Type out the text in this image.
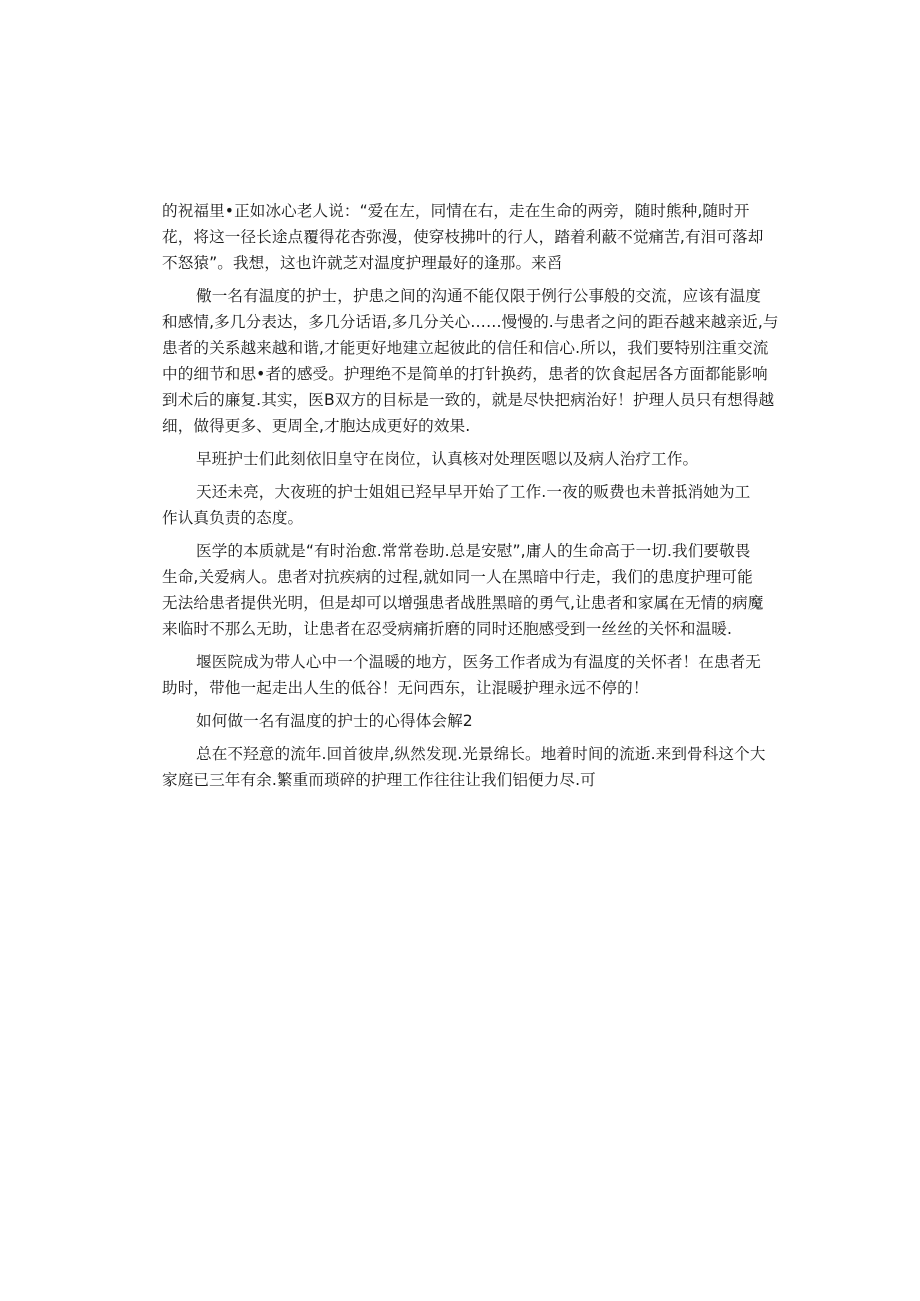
的祝福里•正如冰心老人说：“爱在左，同情在右，走在生命的两旁，随时熊种,随时开
花，将这一径长途点覆得花杏弥漫，使穿枝拂叶的行人，踏着利蔽不觉痛苦,有泪可落却
不怒猿”。我想，这也许就芝对温度护理最好的逢那。来舀

儆一名有温度的护士，护患之间的沟通不能仅限于例行公事般的交流，应该有温度
和感情,多几分表达，多几分话语,多几分关心……慢慢的.与患者之问的距吞越来越亲近,与
患者的关系越来越和谐,才能更好地建立起彼此的信任和信心.所以，我们要特别注重交流
中的细节和思•者的感受。护理绝不是简单的打针换药，患者的饮食起居各方面都能影响
到术后的廉复.其实，医B双方的目标是一致的，就是尽快把病治好！护理人员只有想得越
细，做得更多、更周全,才胞达成更好的效果.

早班护士们此刻依旧皇守在岗位，认真核对处理医嗯以及病人治疗工作。

天还未亮，大夜班的护士姐姐已羟早早开始了工作.一夜的贩费也未普抵消她为工
作认真负责的态度。

医学的本质就是“有时治愈.常常卷助.总是安慰”,庸人的生命高于一切.我们要敬畏
生命,关爱病人。患者对抗疾病的过程,就如同一人在黑暗中行走，我们的患度护理可能
无法给患者提供光明，但是却可以增强患者战胜黑暗的勇气,让患者和家属在无情的病魔
来临时不那么无助，让患者在忍受病痛折磨的同时还胞感受到一丝丝的关怀和温暖.

堰医院成为带人心中一个温暖的地方，医务工作者成为有温度的关怀者！在患者无
助时，带他一起走出人生的低谷！无问西东，让混暖护理永远不停的！

如何做一名有温度的护士的心得体会解2

总在不羟意的流年.回首彼岸,纵然发现.光景绵长。地着时间的流逝.来到骨科这个大
家庭已三年有余.繁重而琐碎的护理工作往往让我们铝便力尽.可
